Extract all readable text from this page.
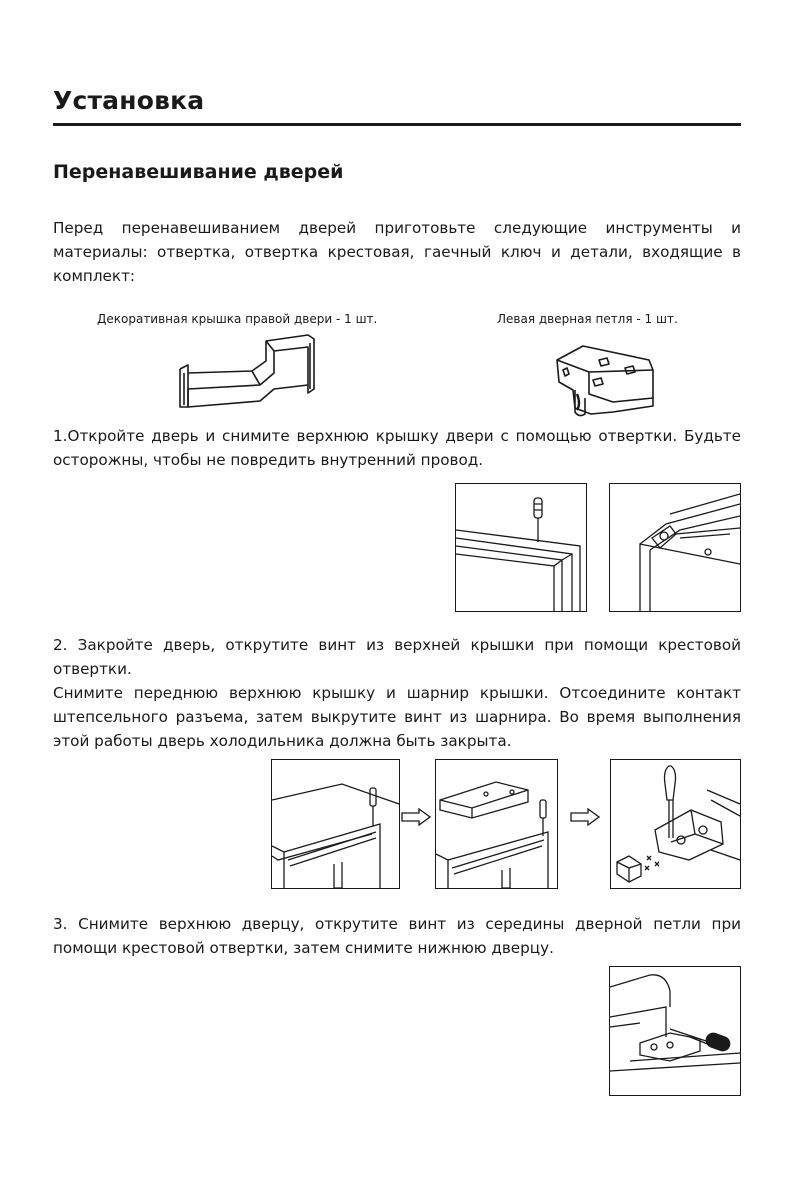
Установка
Перенавешивание дверей
Перед перенавешиванием дверей приготовьте следующие инструменты и
материалы: отвертка, отвертка крестовая, гаечный ключ и детали, входящие в
комплект:
Декоративная крышка правой двери - 1 шт.	Левая дверная петля - 1 шт.
1.Откройте дверь и снимите верхнюю крышку двери с помощью отвертки. Будьте
осторожны, чтобы не повредить внутренний провод.
2. Закройте дверь, открутите винт из верхней крышки при помощи крестовой
отвертки.
Снимите переднюю верхнюю крышку и шарнир крышки. Отсоедините контакт
штепсельного разъема, затем выкрутите винт из шарнира. Во время выполнения
этой работы дверь холодильника должна быть закрыта.
3. Снимите верхнюю дверцу, открутите винт из середины дверной петли при
помощи крестовой отвертки, затем снимите нижнюю дверцу.
